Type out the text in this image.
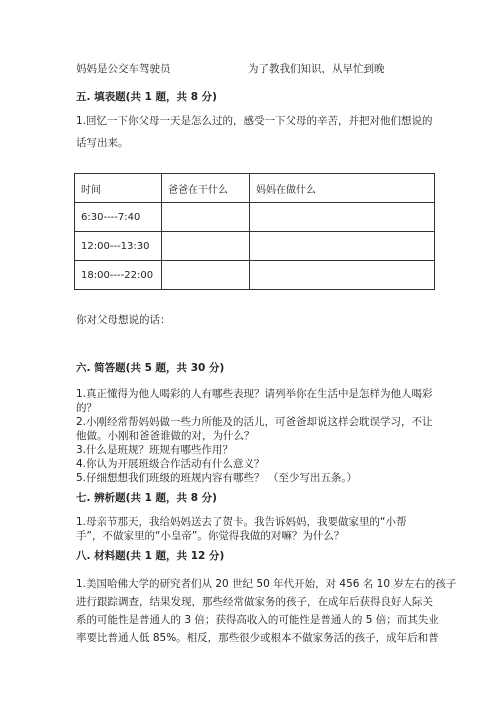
妈妈是公交车驾驶员	为了教我们知识，从早忙到晚
五. 填表题(共 1 题，共 8 分)
1.回忆一下你父母一天是怎么过的，感受一下父母的辛苦，并把对他们想说的
话写出来。
时间	爸爸在干什么	妈妈在做什么
6:30----7:40		
12:00---13:30		
18:00----22:00		
你对父母想说的话：
六. 简答题(共 5 题，共 30 分)
1.真正懂得为他人喝彩的人有哪些表现？请列举你在生活中是怎样为他人喝彩
的？
2.小刚经常帮妈妈做一些力所能及的活儿，可爸爸却说这样会耽误学习，不让
他做。小刚和爸爸谁做的对，为什么？
3.什么是班规？班规有哪些作用？
4.你认为开展班级合作活动有什么意义？
5.仔细想想我们班级的班规内容有哪些？ （至少写出五条。）
七. 辨析题(共 1 题，共 8 分)
1.母亲节那天，我给妈妈送去了贺卡。我告诉妈妈，我要做家里的“小帮
手”，不做家里的“小皇帝”。你觉得我做的对嘛？为什么？
八. 材料题(共 1 题，共 12 分)
1.美国哈佛大学的研究者们从 20 世纪 50 年代开始，对 456 名 10 岁左右的孩子
进行跟踪调查，结果发现，那些经常做家务的孩子，在成年后获得良好人际关
系的可能性是普通人的 3 倍；获得高收入的可能性是普通人的 5 倍；而其失业
率要比普通人低 85%。相反，那些很少或根本不做家务活的孩子，成年后和普
